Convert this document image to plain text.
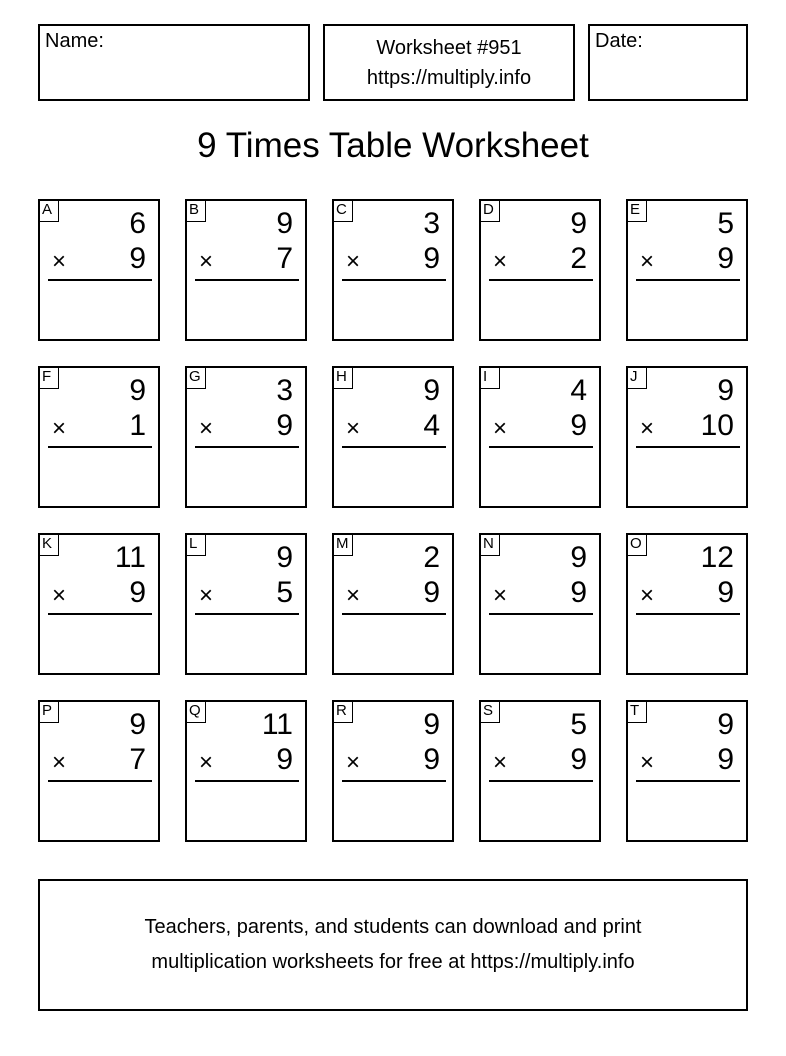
Name:	Worksheet #951
https://multiply.info
Date:
9 Times Table Worksheet
A	6
× 9
B	9
× 7
C	3
× 9
D	9
× 2
E	5
× 9
F	9
× 1
G	3
× 9
H	9
× 4
I	4
× 9
J	9
× 10
K 11
× 9
L	9
× 5
M 2
× 9
N	9
× 9
O 12
× 9
P	9
× 7
Q 11
× 9
R	9
× 9
S	5
× 9
T	9
× 9
Teachers, parents, and students can download and print
multiplication worksheets for free at https://multiply.info
